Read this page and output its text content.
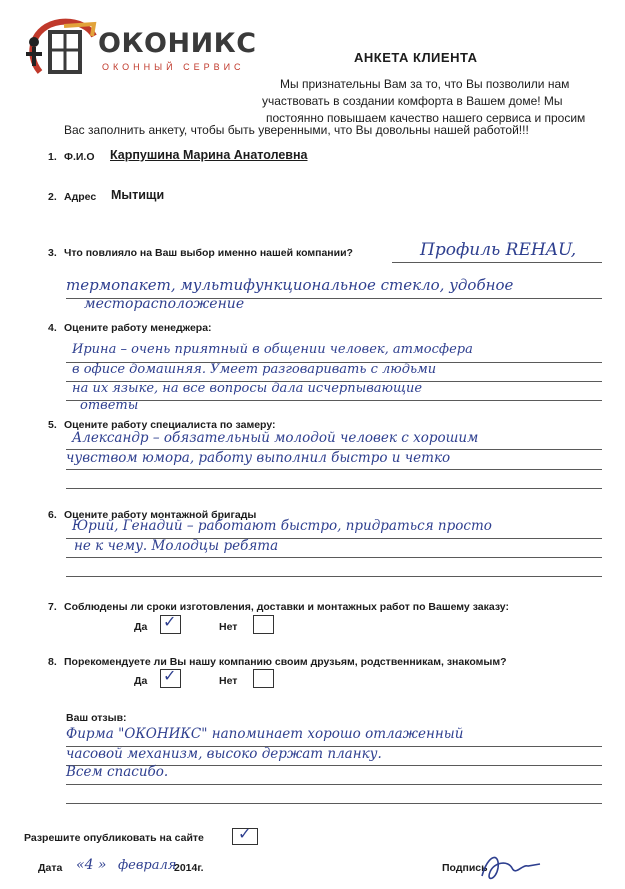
ОКОНИКС
ОКОННЫЙ СЕРВИС
АНКЕТА КЛИЕНТА
Мы признательны Вам за то, что Вы позволили нам
участвовать в создании комфорта в Вашем доме! Мы
постоянно повышаем качество нашего сервиса и просим
Вас заполнить анкету, чтобы быть уверенными, что Вы довольны нашей работой!!!
1. Ф.И.О Карпушина Марина Анатолевна
2. Адрес Мытищи
3. Что повлияло на Ваш выбор именно нашей компании?	Профиль REHAU,
термопакет, мультифункциональное стекло, удобное
месторасположение
4. Оцените работу менеджера:
Ирина – очень приятный в общении человек, атмосфера
в офисе домашняя. Умеет разговаривать с людьми
на их языке, на все вопросы дала исчерпывающие
ответы
5. Оцените работу специалиста по замеру:
Александр – обязательный молодой человек с хорошим
чувством юмора, работу выполнил быстро и четко
6. Оцените работу монтажной бригады
Юрий, Генадий – работают быстро, придраться просто
не к чему. Молодцы ребята
7. Соблюдены ли сроки изготовления, доставки и монтажных работ по Вашему заказу:
Да ✓	Нет
8. Порекомендуете ли Вы нашу компанию своим друзьям, родственникам, знакомым?
Да ✓	Нет
Ваш отзыв:
Фирма "ОКОНИКС" напоминает хорошо отлаженный
часовой механизм, высоко держат планку.
Всем спасибо.
Разрешите опубликовать на сайте ✓
Дата «4 » февраля
2014г.	Подпись
